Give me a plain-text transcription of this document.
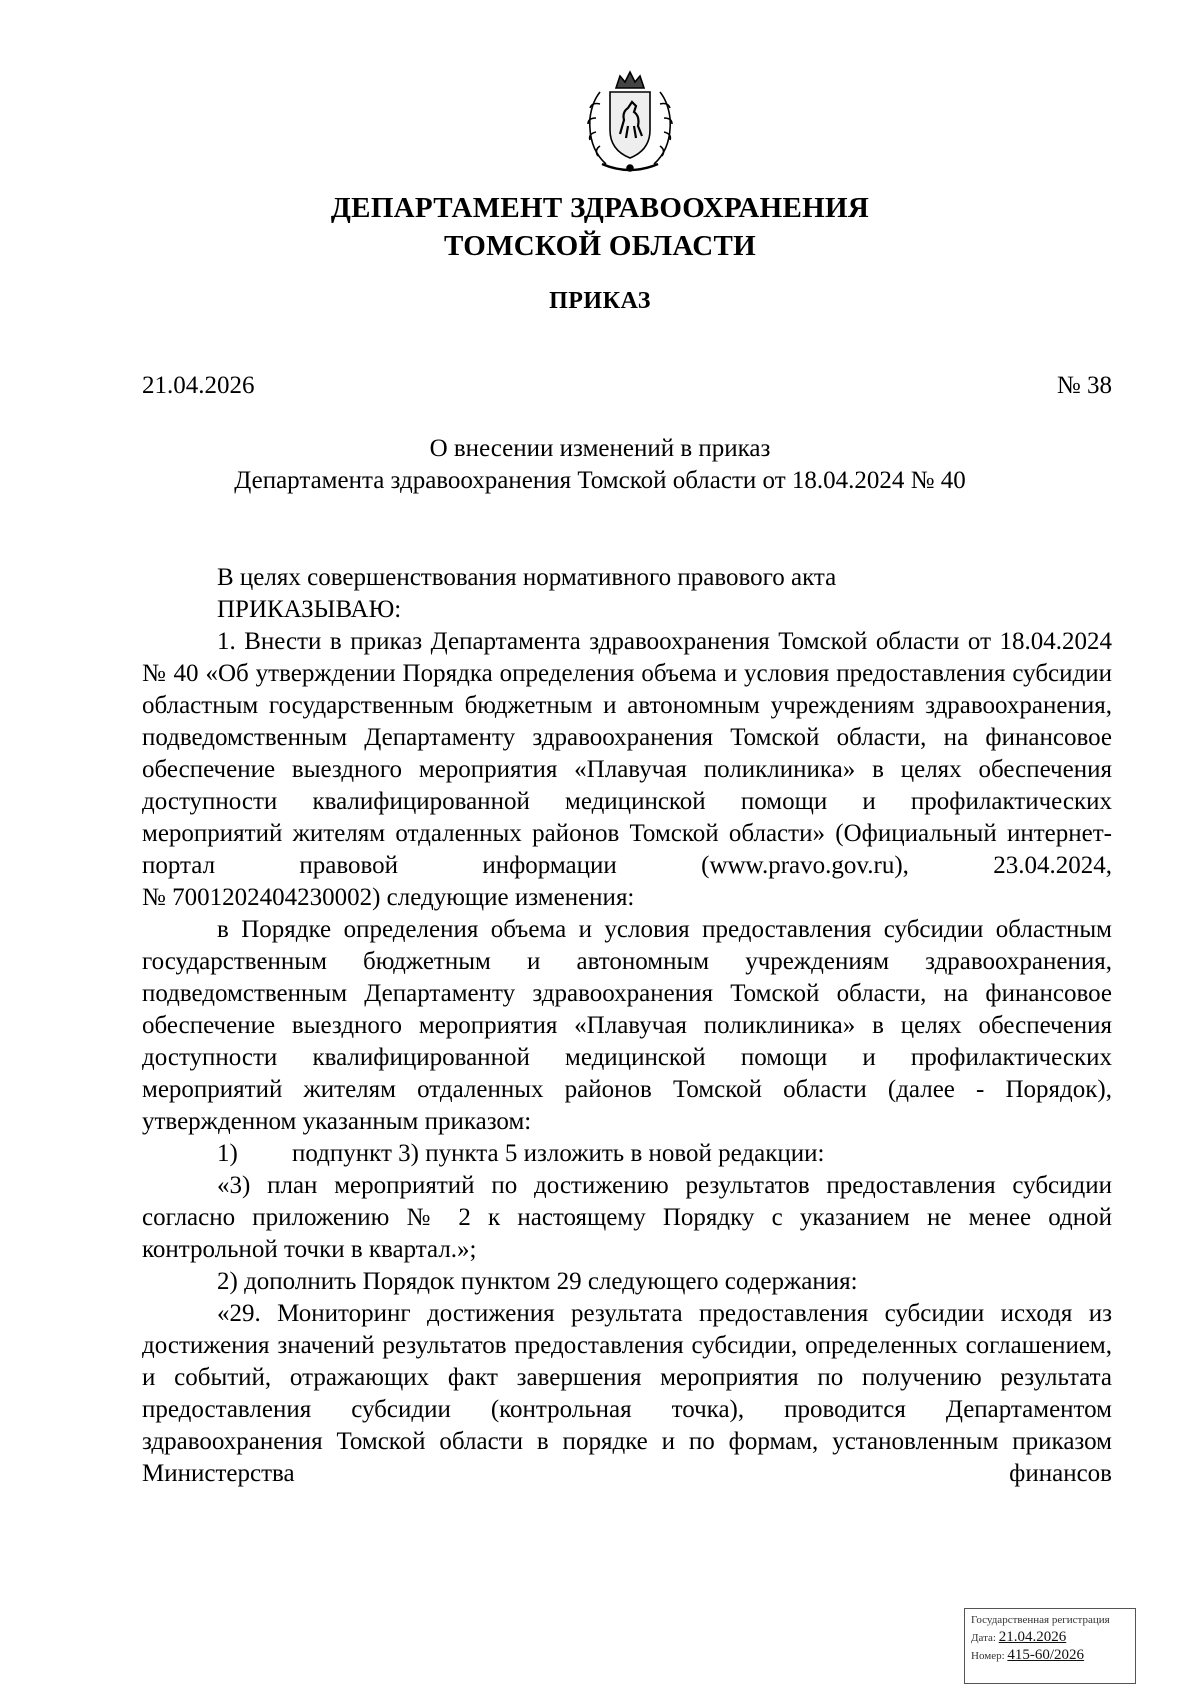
ДЕПАРТАМЕНТ ЗДРАВООХРАНЕНИЯ
ТОМСКОЙ ОБЛАСТИ
ПРИКАЗ
21.04.2026	№ 38
О внесении изменений в приказ
Департамента здравоохранения Томской области от 18.04.2024 № 40

В целях совершенствования нормативного правового акта

ПРИКАЗЫВАЮ:

1. Внести в приказ Департамента здравоохранения Томской области от 18.04.2024 № 40 «Об утверждении Порядка определения объема и условия предоставления субсидии областным государственным бюджетным и автономным учреждениям здравоохранения, подведомственным Департаменту здравоохранения Томской области, на финансовое обеспечение выездного мероприятия «Плавучая поликлиника» в целях обеспечения доступности квалифицированной медицинской помощи и профилактических мероприятий жителям отдаленных районов Томской области» (Официальный интернет-портал правовой информации (www.pravo.gov.ru), 23.04.2024,

№ 7001202404230002) следующие изменения:

в Порядке определения объема и условия предоставления субсидии областным государственным бюджетным и автономным учреждениям здравоохранения, подведомственным Департаменту здравоохранения Томской области, на финансовое обеспечение выездного мероприятия «Плавучая поликлиника» в целях обеспечения доступности квалифицированной медицинской помощи и профилактических мероприятий жителям отдаленных районов Томской области (далее - Порядок), утвержденном указанным приказом:

1) подпункт 3) пункта 5 изложить в новой редакции:

«3) план мероприятий по достижению результатов предоставления субсидии согласно приложению № 2 к настоящему Порядку с указанием не менее одной контрольной точки в квартал.»;

2) дополнить Порядок пунктом 29 следующего содержания:

«29. Мониторинг достижения результата предоставления субсидии исходя из достижения значений результатов предоставления субсидии, определенных соглашением, и событий, отражающих факт завершения мероприятия по получению результата предоставления субсидии (контрольная точка), проводится Департаментом здравоохранения Томской области в порядке и по формам, установленным приказом Министерства финансов

Государственная регистрация
Дата: 21.04.2026
Номер: 415-60/2026
